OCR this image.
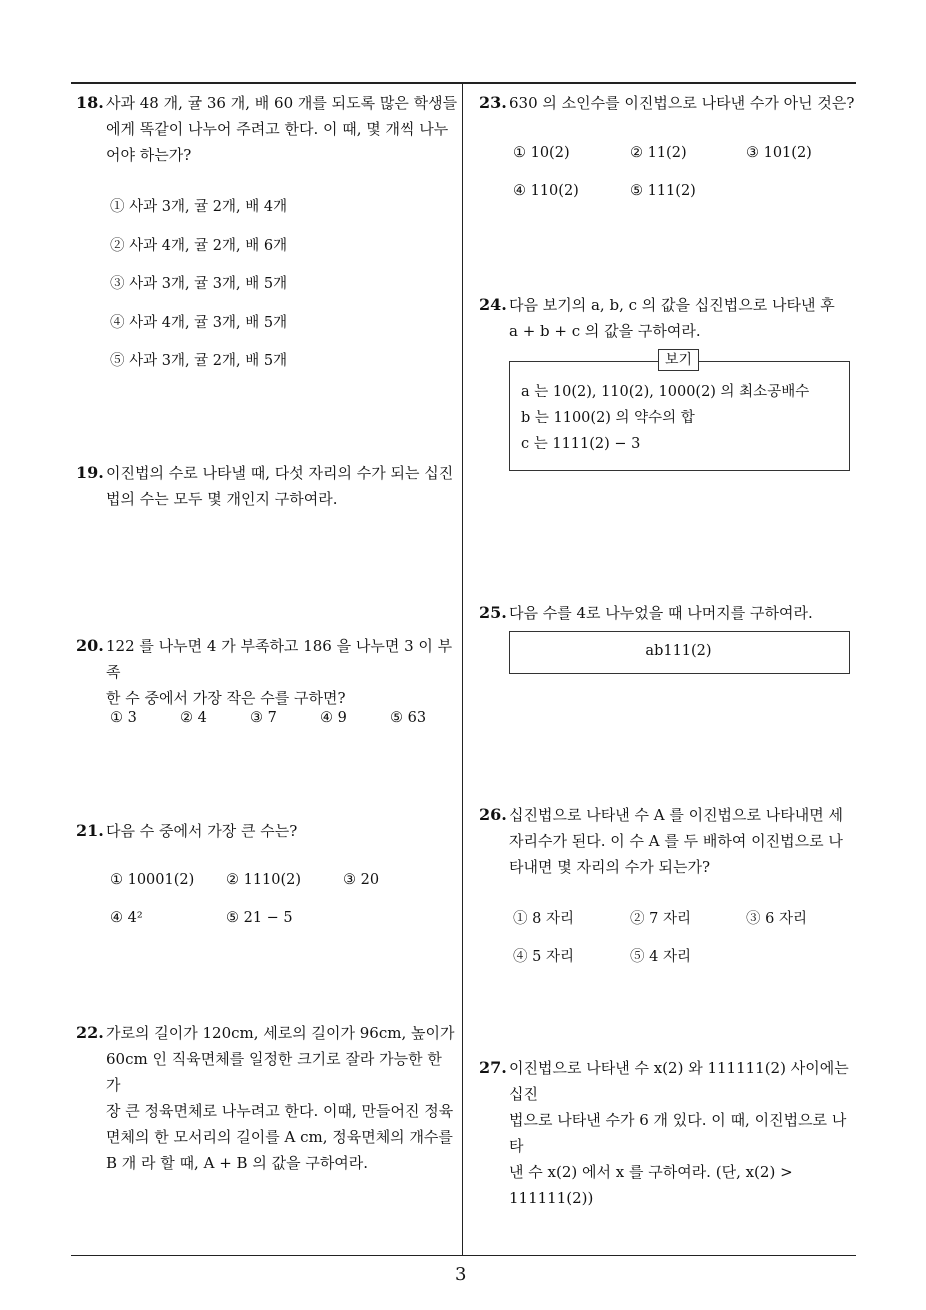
18. 사과 48 개, 귤 36 개, 배 60 개를 되도록 많은 학생들
에게 똑같이 나누어 주려고 한다. 이 때, 몇 개씩 나누
어야 하는가?
① 사과 3개, 귤 2개, 배 4개
② 사과 4개, 귤 2개, 배 6개
③ 사과 3개, 귤 3개, 배 5개
④ 사과 4개, 귤 3개, 배 5개
⑤ 사과 3개, 귤 2개, 배 5개
19. 이진법의 수로 나타낼 때, 다섯 자리의 수가 되는 십진
법의 수는 모두 몇 개인지 구하여라.
20. 122 를 나누면 4 가 부족하고 186 을 나누면 3 이 부족
한 수 중에서 가장 작은 수를 구하면?
① 3	② 4	③ 7	④ 9	⑤ 63
21. 다음 수 중에서 가장 큰 수는?
① 10001(2) ② 1110(2)	③ 20
④ 4²	⑤ 21 − 5
22. 가로의 길이가 120cm, 세로의 길이가 96cm, 높이가
60cm 인 직육면체를 일정한 크기로 잘라 가능한 한 가
장 큰 정육면체로 나누려고 한다. 이때, 만들어진 정육
면체의 한 모서리의 길이를 A cm, 정육면체의 개수를
B 개 라 할 때, A + B 의 값을 구하여라.
23. 630 의 소인수를 이진법으로 나타낸 수가 아닌 것은?
① 10(2)	② 11(2)	③ 101(2)
④ 110(2)	⑤ 111(2)
24. 다음 보기의 a, b, c 의 값을 십진법으로 나타낸 후
a + b + c 의 값을 구하여라.
보기
a 는 10(2), 110(2), 1000(2) 의 최소공배수
b 는 1100(2) 의 약수의 합
c 는 1111(2) − 3
25. 다음 수를 4로 나누었을 때 나머지를 구하여라.
ab111(2)
26. 십진법으로 나타낸 수 A 를 이진법으로 나타내면 세
자리수가 된다. 이 수 A 를 두 배하여 이진법으로 나
타내면 몇 자리의 수가 되는가?
① 8 자리	② 7 자리	③ 6 자리
④ 5 자리	⑤ 4 자리
27. 이진법으로 나타낸 수 x(2) 와 111111(2) 사이에는 십진
법으로 나타낸 수가 6 개 있다. 이 때, 이진법으로 나타
낸 수 x(2) 에서 x 를 구하여라. (단, x(2) > 111111(2))
3
